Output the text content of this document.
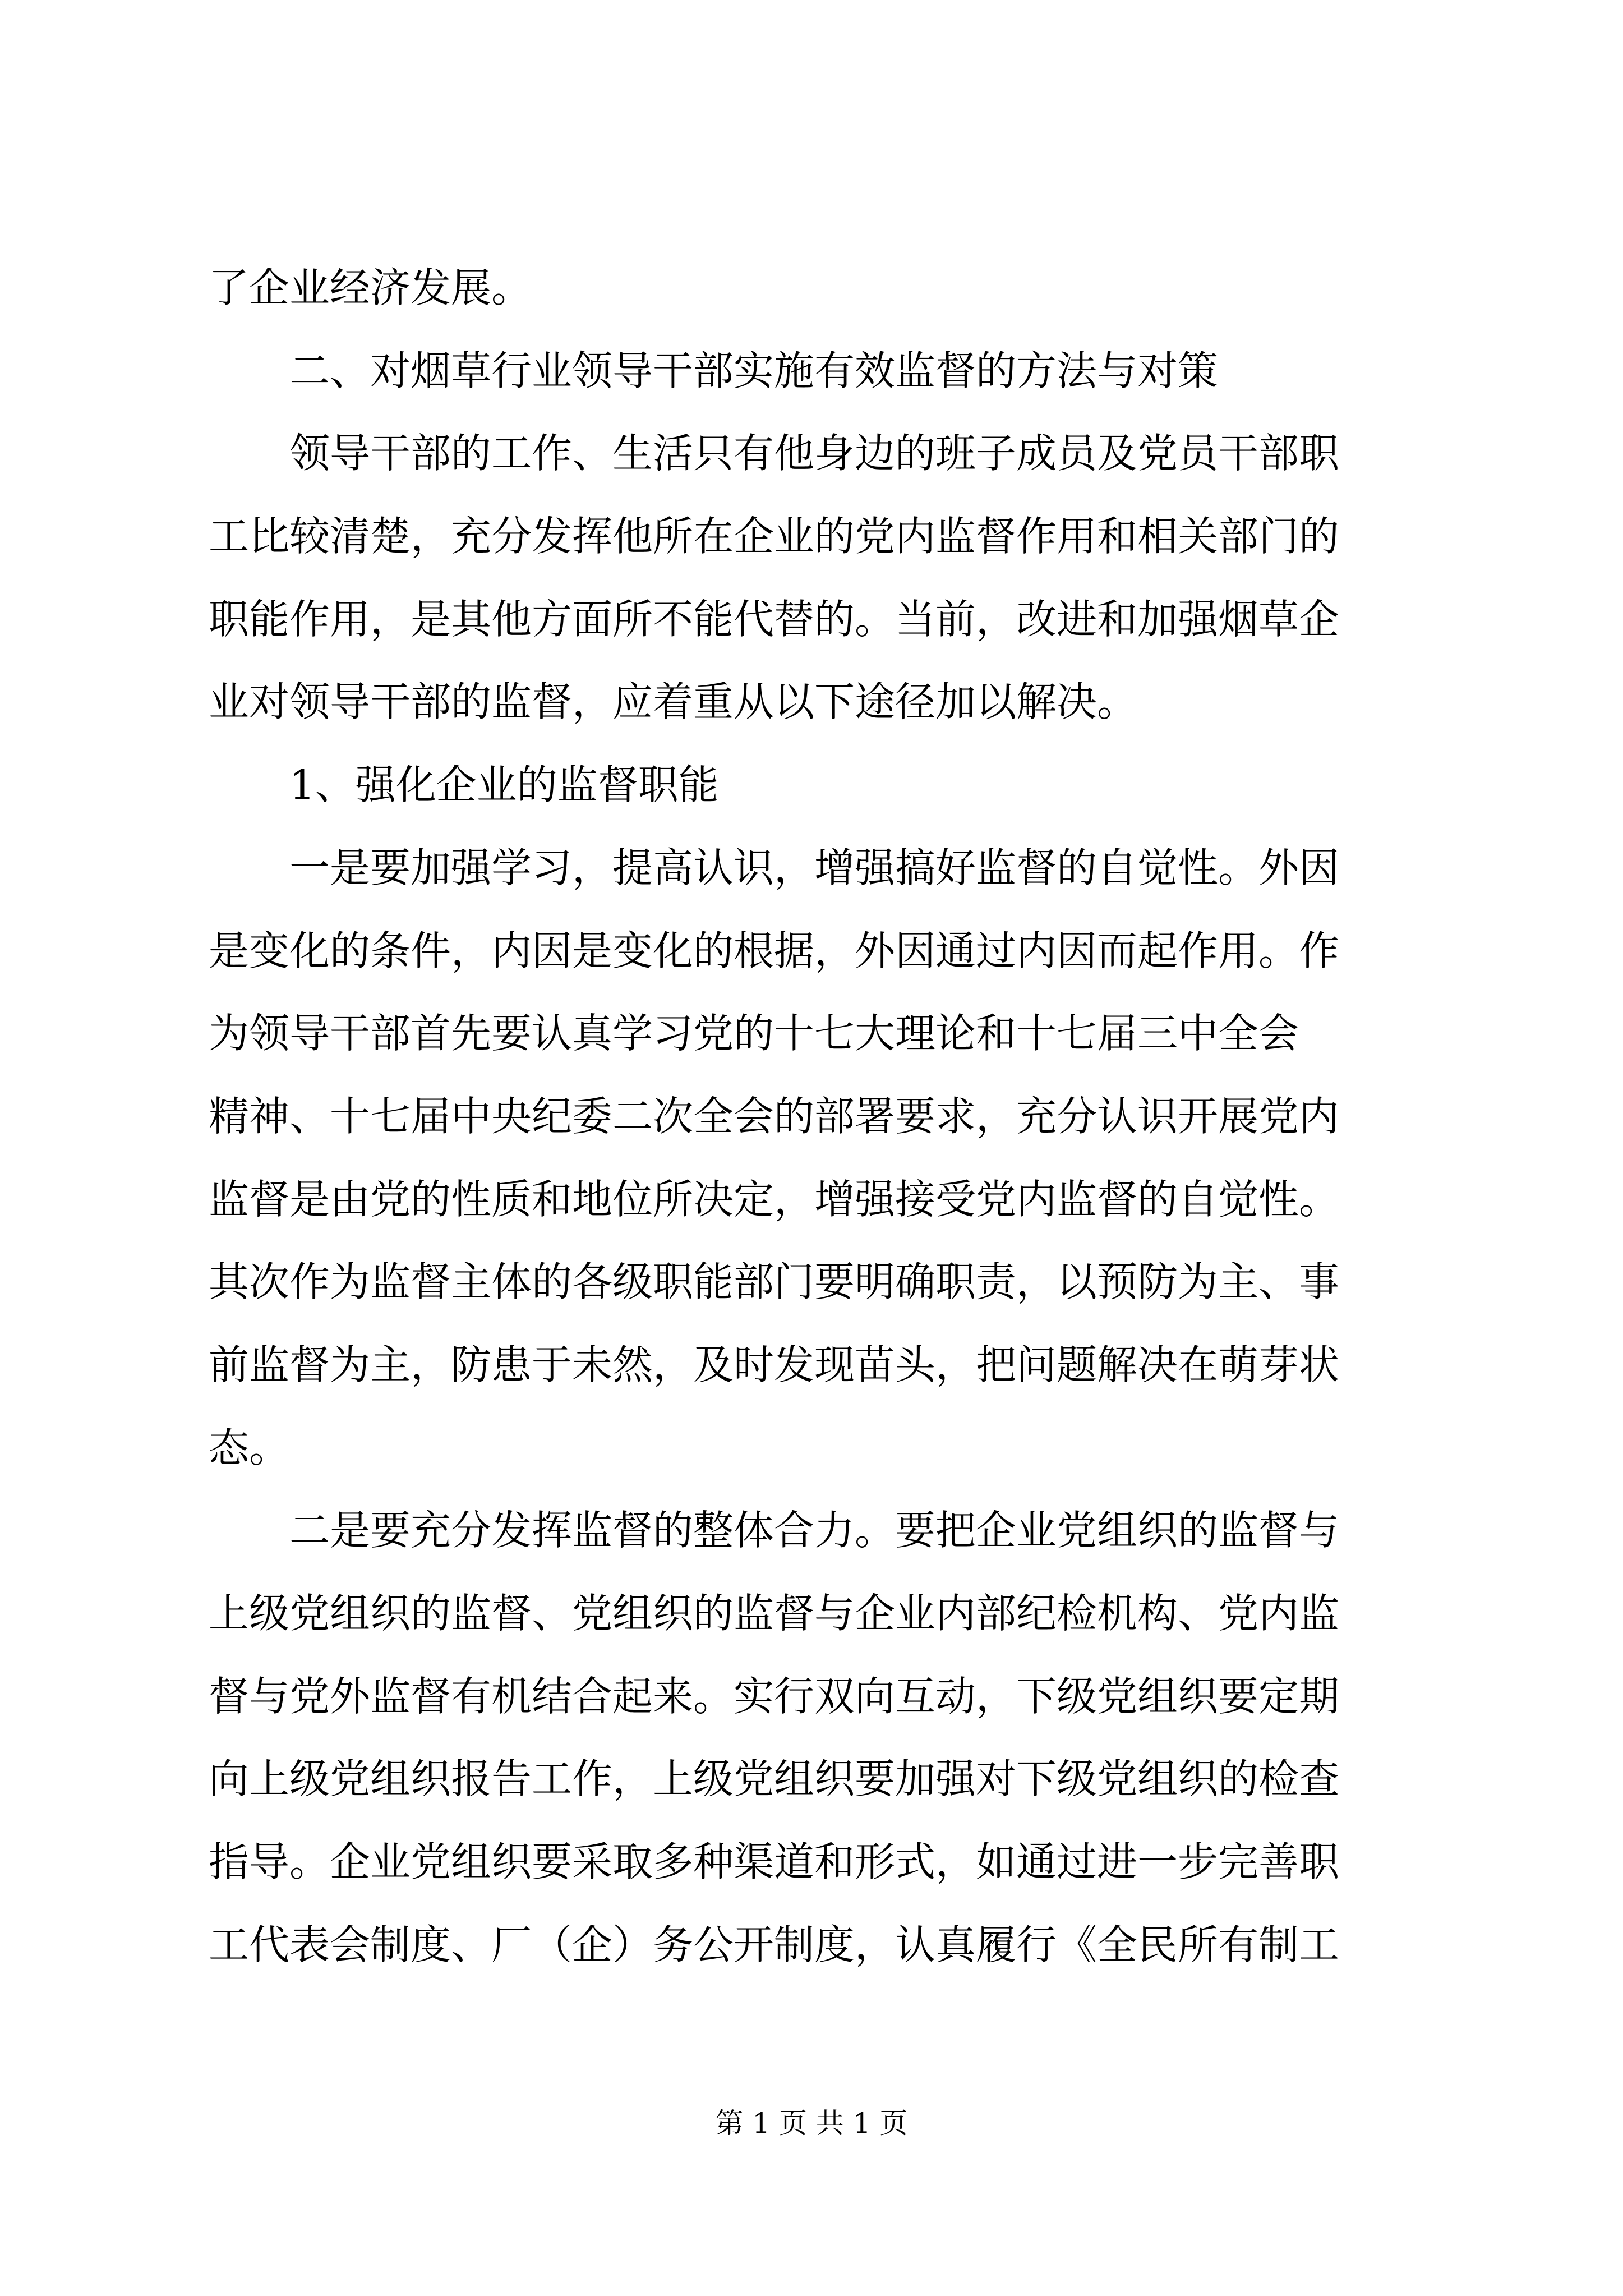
了企业经济发展。
二、对烟草行业领导干部实施有效监督的方法与对策
领导干部的工作、生活只有他身边的班子成员及党员干部职
工比较清楚，充分发挥他所在企业的党内监督作用和相关部门的
职能作用，是其他方面所不能代替的。当前，改进和加强烟草企
业对领导干部的监督，应着重从以下途径加以解决。
1、强化企业的监督职能
一是要加强学习，提高认识，增强搞好监督的自觉性。外因
是变化的条件，内因是变化的根据，外因通过内因而起作用。作
为领导干部首先要认真学习党的十七大理论和十七届三中全会
精神、十七届中央纪委二次全会的部署要求，充分认识开展党内
监督是由党的性质和地位所决定，增强接受党内监督的自觉性。
其次作为监督主体的各级职能部门要明确职责，以预防为主、事
前监督为主，防患于未然，及时发现苗头，把问题解决在萌芽状
态。
二是要充分发挥监督的整体合力。要把企业党组织的监督与
上级党组织的监督、党组织的监督与企业内部纪检机构、党内监
督与党外监督有机结合起来。实行双向互动，下级党组织要定期
向上级党组织报告工作，上级党组织要加强对下级党组织的检查
指导。企业党组织要采取多种渠道和形式，如通过进一步完善职
工代表会制度、厂（企）务公开制度，认真履行《全民所有制工
第 1 页 共 1 页
